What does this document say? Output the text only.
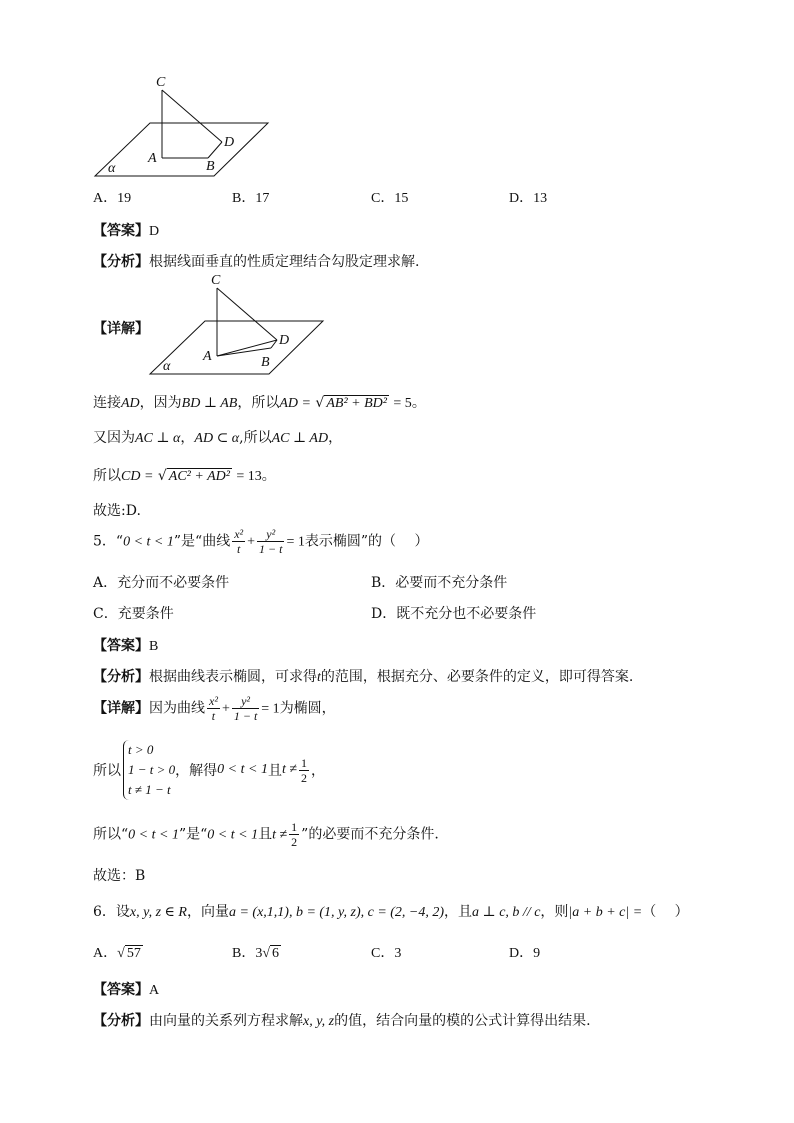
C
A
B
D
α
A．19	B．17	C．15	D．13
【答案】D
【分析】根据线面垂直的性质定理结合勾股定理求解.
【详解】
C
A	B
D
α
连接AD，因为BD ⊥ AB，所以AD = √ AB² + BD² = 5。
又因为AC ⊥ α，AD ⊂ α,所以AC ⊥ AD，
所以CD = √ AC² + AD² = 13。
故选:D.
5．“0 < t < 1”是“曲线 $\frac{\text{x²}}{t} + \frac{\text{y²}}{1 - t} = 1$表示椭圆”的（　 ）
A．充分而不必要条件	B．必要而不充分条件
C．充要条件	D．既不充分也不必要条件
【答案】B
【分析】根据曲线表示椭圆，可求得t的范围，根据充分、必要条件的定义，即可得答案.
【详解】因为曲线 $\frac{\text{x²}}{t} + \frac{\text{y²}}{1 - t} = 1$为椭圆，
所以
t > 0
1 − t > 0
t ≠ 1 − t
，解得0 < t < 1且$t \ne \frac{1}{2}$ ，
所以“0 < t < 1”是“0 < t < 1且$t \ne \frac{1}{2}$ ”的必要而不充分条件.
故选：B
6．设x, y, z ∈ R，向量a = (x,1,1), b = (1, y, z), c = (2, −4, 2)，且a ⊥ c, b // c，则|a + b + c| =（　 ）
A．√ 57	B．3√ 6	C．3	D．9
【答案】A
【分析】由向量的关系列方程求解x, y, z的值，结合向量的模的公式计算得出结果.
